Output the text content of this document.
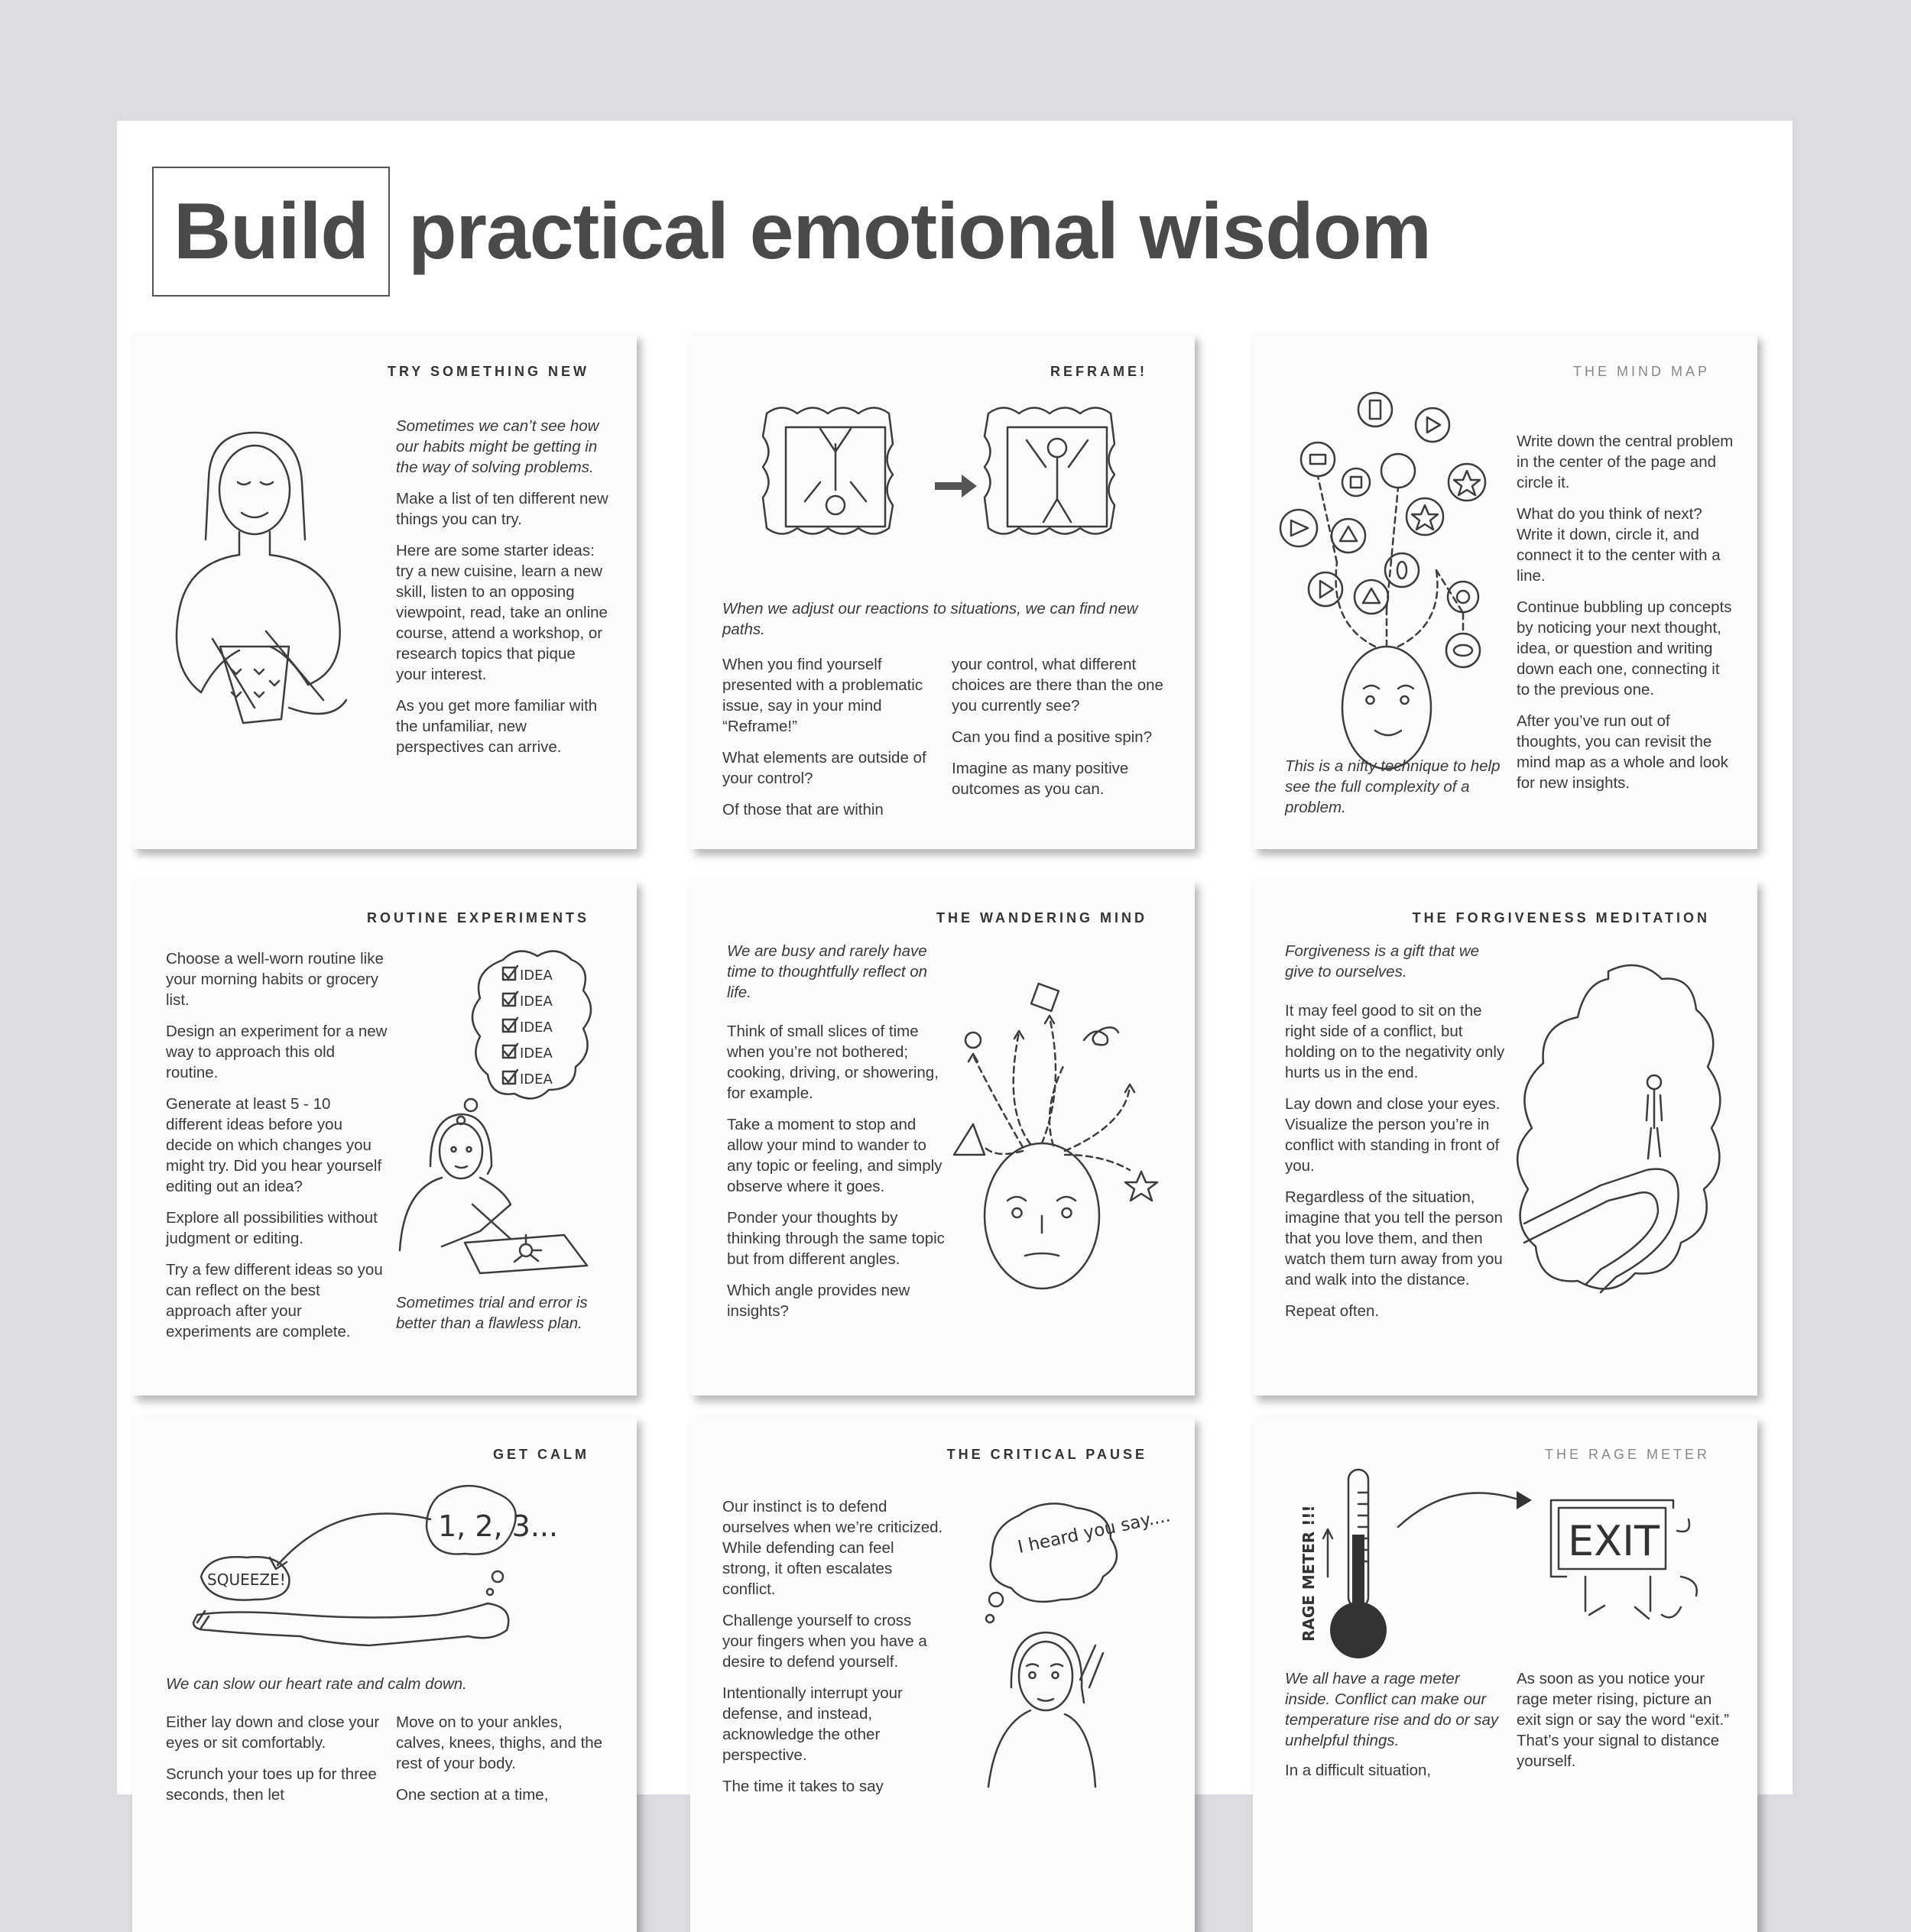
Build practical emotional wisdom
TRY SOMETHING NEW

Sometimes we can’t see how our habits might be getting in the way of solving problems.

Make a list of ten different new things you can try.

Here are some starter ideas: try a new cuisine, learn a new skill, listen to an opposing viewpoint, read, take an online course, attend a workshop, or research topics that pique your interest.

As you get more familiar with the unfamiliar, new perspectives can arrive.

REFRAME!

When we adjust our reactions to situations, we can find new paths.

When you find yourself presented with a problematic issue, say in your mind “Reframe!”

What elements are outside of your control?

Of those that are within

your control, what different choices are there than the one you currently see?

Can you find a positive spin?

Imagine as many positive outcomes as you can.

THE MIND MAP

Write down the central problem in the center of the page and circle it.

What do you think of next? Write it down, circle it, and connect it to the center with a line.

Continue bubbling up concepts by noticing your next thought, idea, or question and writing down each one, connecting it to the previous one.

After you’ve run out of thoughts, you can revisit the mind map as a whole and look for new insights.

This is a nifty technique to help see the full complexity of a problem.
ROUTINE EXPERIMENTS

Choose a well-worn routine like your morning habits or grocery list.

Design an experiment for a new way to approach this old routine.

Generate at least 5 - 10 different ideas before you decide on which changes you might try. Did you hear yourself editing out an idea?

Explore all possibilities without judgment or editing.

Try a few different ideas so you can reflect on the best approach after your experiments are complete.

IDEA
IDEA
IDEA
IDEA
IDEA
Sometimes trial and error is better than a flawless plan.
THE WANDERING MIND

We are busy and rarely have time to thoughtfully reflect on life.

Think of small slices of time when you’re not bothered; cooking, driving, or showering, for example.

Take a moment to stop and allow your mind to wander to any topic or feeling, and simply observe where it goes.

Ponder your thoughts by thinking through the same topic but from different angles.

Which angle provides new insights?

THE FORGIVENESS MEDITATION

Forgiveness is a gift that we give to ourselves.

It may feel good to sit on the right side of a conflict, but holding on to the negativity only hurts us in the end.

Lay down and close your eyes. Visualize the person you’re in conflict with standing in front of you.

Regardless of the situation, imagine that you tell the person that you love them, and then watch them turn away from you and walk into the distance.

Repeat often.

GET CALM
1, 2, 3...
SQUEEZE!

We can slow our heart rate and calm down.

Either lay down and close your eyes or sit comfortably.

Scrunch your toes up for three seconds, then let

Move on to your ankles, calves, knees, thighs, and the rest of your body.

One section at a time,

THE CRITICAL PAUSE

Our instinct is to defend ourselves when we’re criticized. While defending can feel strong, it often escalates conflict.

Challenge yourself to cross your fingers when you have a desire to defend yourself.

Intentionally interrupt your defense, and instead, acknowledge the other perspective.

The time it takes to say

I heard you say....
THE RAGE METER
RAGE METER !!!	EXIT
We all have a rage meter inside. Conflict can make our temperature rise and do or say unhelpful things.
In a difficult situation,
As soon as you notice your rage meter rising, picture an exit sign or say the word “exit.” That’s your signal to distance yourself.
